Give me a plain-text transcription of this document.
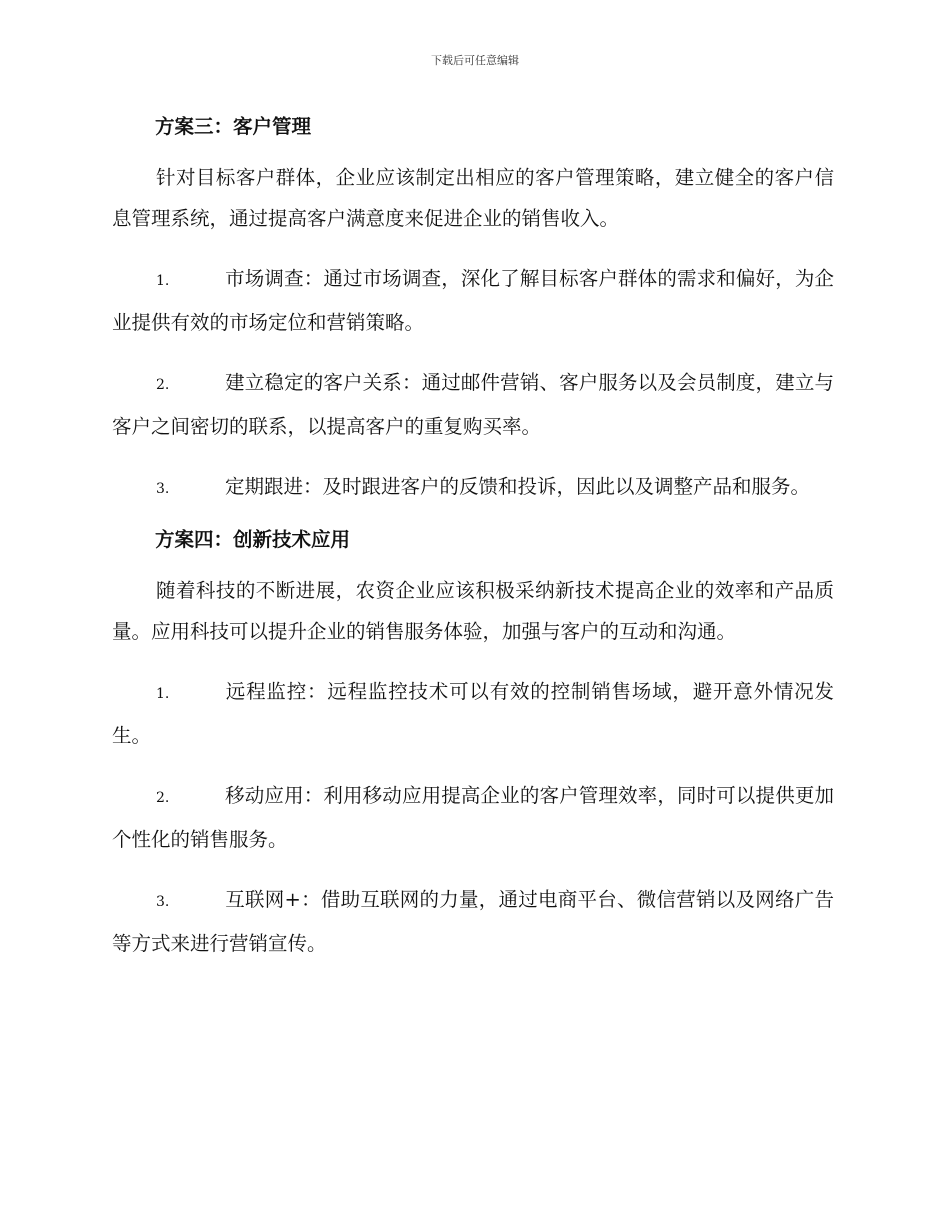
下载后可任意编辑
方案三：客户管理

针对目标客户群体，企业应该制定出相应的客户管理策略，建立健全的客户信息管理系统，通过提高客户满意度来促进企业的销售收入。

1.	市场调查：通过市场调查，深化了解目标客户群体的需求和偏好，为企业提供有效的市场定位和营销策略。

2.	建立稳定的客户关系：通过邮件营销、客户服务以及会员制度，建立与客户之间密切的联系，以提高客户的重复购买率。

3.	定期跟进：及时跟进客户的反馈和投诉，因此以及调整产品和服务。

方案四：创新技术应用

随着科技的不断进展，农资企业应该积极采纳新技术提高企业的效率和产品质量。应用科技可以提升企业的销售服务体验，加强与客户的互动和沟通。

1.	远程监控：远程监控技术可以有效的控制销售场域，避开意外情况发生。

2.	移动应用：利用移动应用提高企业的客户管理效率，同时可以提供更加个性化的销售服务。

3.	互联网+：借助互联网的力量，通过电商平台、微信营销以及网络广告等方式来进行营销宣传。
